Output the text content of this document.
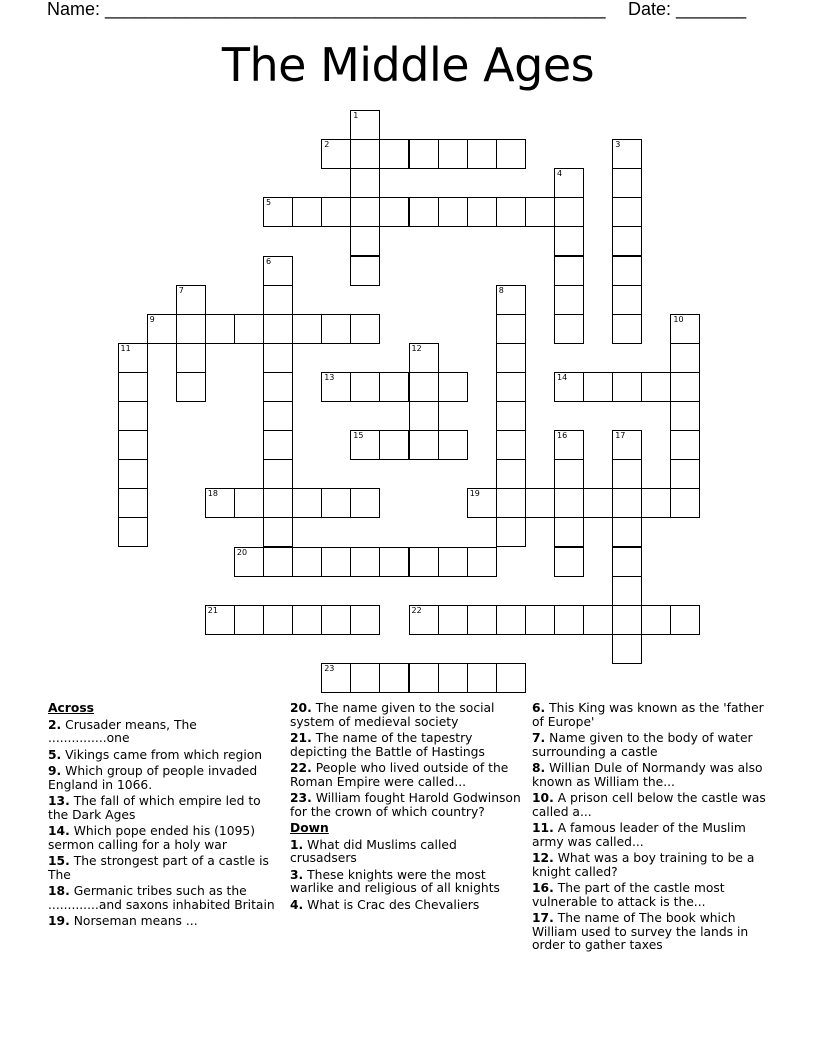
Name: __________________________________________________ Date: _______
The Middle Ages
1
2	3
4
5
6
7	8
9	10
11	12
13	14
15	16	17
18	19
20
21	22
23
Across
2. Crusader means, The ...............one
5. Vikings came from which region
9. Which group of people invaded England in 1066.
13. The fall of which empire led to the Dark Ages
14. Which pope ended his (1095) sermon calling for a holy war
15. The strongest part of a castle is The
18. Germanic tribes such as the .............and saxons inhabited Britain
19. Norseman means ...
20. The name given to the social system of medieval society
21. The name of the tapestry depicting the Battle of Hastings
22. People who lived outside of the Roman Empire were called...
23. William fought Harold Godwinson for the crown of which country?
Down
1. What did Muslims called crusadsers
3. These knights were the most warlike and religious of all knights
4. What is Crac des Chevaliers
6. This King was known as the 'father of Europe'
7. Name given to the body of water surrounding a castle
8. Willian Dule of Normandy was also known as William the...
10. A prison cell below the castle was called a...
11. A famous leader of the Muslim army was called...
12. What was a boy training to be a knight called?
16. The part of the castle most vulnerable to attack is the...
17. The name of The book which William used to survey the lands in order to gather taxes
